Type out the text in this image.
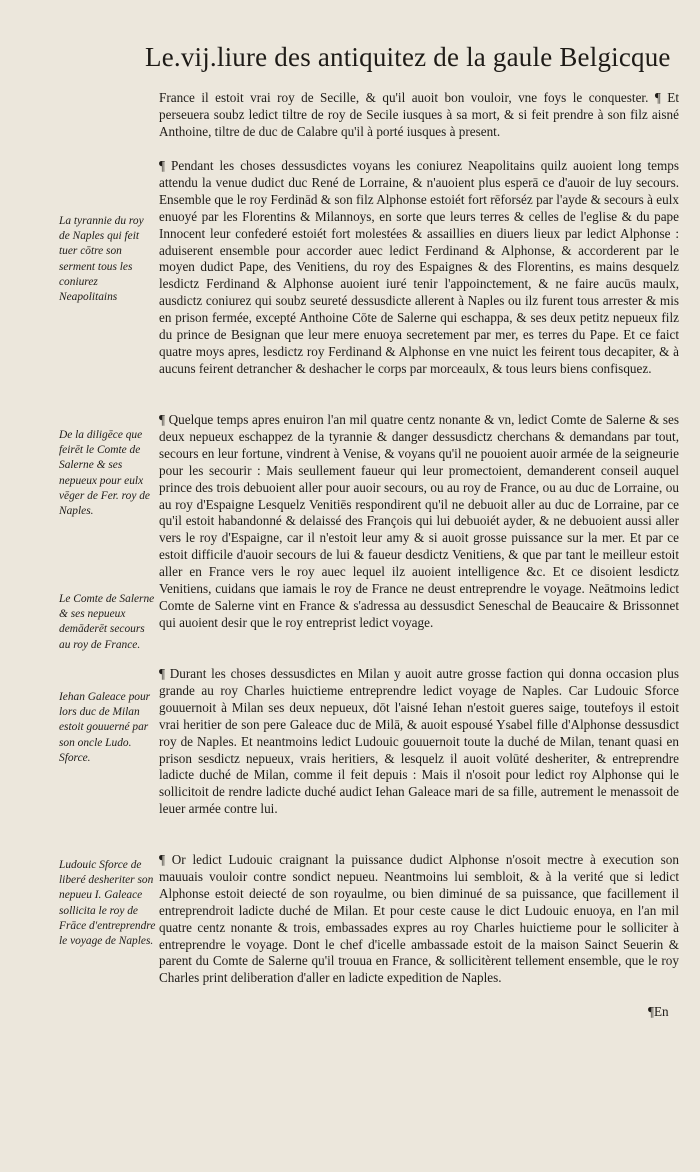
Le.vij.liure des antiquitez de la gaule Belgicque

France il estoit vrai roy de Secille, & qu'il auoit bon vouloir, vne foys le conquester. ¶ Et perseuera soubz ledict tiltre de roy de Secile iusques à sa mort, & si feit prendre à son filz aisné Anthoine, tiltre de duc de Calabre qu'il à porté iusques à present.

¶ Pendant les choses dessusdictes voyans les coniurez Neapolitains quilz auoient long temps attendu la venue dudict duc René de Lorraine, & n'auoient plus esperā ce d'auoir de luy secours. Ensemble que le roy Ferdinād & son filz Alphonse estoiét fort rēforséz par l'ayde & secours à eulx enuoyé par les Florentins & Milannoys, en sorte que leurs terres & celles de l'eglise & du pape Innocent leur confederé estoiét fort molestées & assaillies en diuers lieux par ledict Alphonse : aduiserent ensemble pour accorder auec ledict Ferdinand & Alphonse, & accorderent par le moyen dudict Pape, des Venitiens, du roy des Espaignes & des Florentins, es mains desquelz lesdictz Ferdinand & Alphonse auoient iuré tenir l'appoinctement, & ne faire aucūs maulx, ausdictz coniurez qui soubz seureté dessusdicte allerent à Naples ou ilz furent tous arrester & mis en prison fermée, excepté Anthoine Cōte de Salerne qui eschappa, & ses deux petitz nepueux filz du prince de Besignan que leur mere enuoya secretement par mer, es terres du Pape. Et ce faict quatre moys apres, lesdictz roy Ferdinand & Alphonse en vne nuict les feirent tous decapiter, & à aucuns feirent detrancher & deshacher le corps par morceaulx, & tous leurs biens confisquez.

¶ Quelque temps apres enuiron l'an mil quatre centz nonante & vn, ledict Comte de Salerne & ses deux nepueux eschappez de la tyrannie & danger dessusdictz cherchans & demandans par tout, secours en leur fortune, vindrent à Venise, & voyans qu'il ne pouoient auoir armée de la seigneurie pour les secourir : Mais seullement faueur qui leur promectoient, demanderent conseil auquel prince des trois debuoient aller pour auoir secours, ou au roy de France, ou au duc de Lorraine, ou au roy d'Espaigne Lesquelz Venitiēs respondirent qu'il ne debuoit aller au duc de Lorraine, par ce qu'il estoit habandonné & delaissé des François qui lui debuoiét ayder, & ne debuoient aussi aller vers le roy d'Espaigne, car il n'estoit leur amy & si auoit grosse puissance sur la mer. Et par ce estoit difficile d'auoir secours de lui & faueur desdictz Venitiens, & que par tant le meilleur estoit aller en France vers le roy auec lequel ilz auoient intelligence &c. Et ce disoient lesdictz Venitiens, cuidans que iamais le roy de France ne deust entreprendre le voyage. Neātmoins ledict Comte de Salerne vint en France & s'adressa au dessusdict Seneschal de Beaucaire & Brissonnet qui auoient desir que le roy entreprist ledict voyage.

¶ Durant les choses dessusdictes en Milan y auoit autre grosse faction qui donna occasion plus grande au roy Charles huictieme entreprendre ledict voyage de Naples. Car Ludouic Sforce gouuernoit à Milan ses deux nepueux, dōt l'aisné Iehan n'estoit gueres saige, toutefoys il estoit vrai heritier de son pere Galeace duc de Milā, & auoit espousé Ysabel fille d'Alphonse dessusdict roy de Naples. Et neantmoins ledict Ludouic gouuernoit toute la duché de Milan, tenant quasi en prison sesdictz nepueux, vrais heritiers, & lesquelz il auoit volūté desheriter, & entreprendre ladicte duché de Milan, comme il feit depuis : Mais il n'osoit pour ledict roy Alphonse qui le sollicitoit de rendre ladicte duché audict Iehan Galeace mari de sa fille, autrement le menassoit de leuer armée contre lui.

¶ Or ledict Ludouic craignant la puissance dudict Alphonse n'osoit mectre à execution son mauuais vouloir contre sondict nepueu. Neantmoins lui sembloit, & à la verité que si ledict Alphonse estoit deiecté de son royaulme, ou bien diminué de sa puissance, que facillement il entreprendroit ladicte duché de Milan. Et pour ceste cause le dict Ludouic enuoya, en l'an mil quatre centz nonante & trois, embassades expres au roy Charles huictieme pour le solliciter à entreprendre le voyage. Dont le chef d'icelle ambassade estoit de la maison Sainct Seuerin & parent du Comte de Salerne qu'il trouua en France, & sollicitèrent tellement ensemble, que le roy Charles print deliberation d'aller en ladicte expedition de Naples.

La tyrannie du roy de Naples qui feit tuer cōtre son serment tous les coniurez Neapolitains
De la diligēce que feirēt le Comte de Salerne & ses nepueux pour eulx vēger de Fer. roy de Naples.
Le Comte de Salerne & ses nepueux demāderēt secours au roy de France.
Iehan Galeace pour lors duc de Milan estoit gouuerné par son oncle Ludo. Sforce.
Ludouic Sforce de liberé desheriter son nepueu I. Galeace sollicita le roy de Frāce d'entreprendre le voyage de Naples.
¶En
